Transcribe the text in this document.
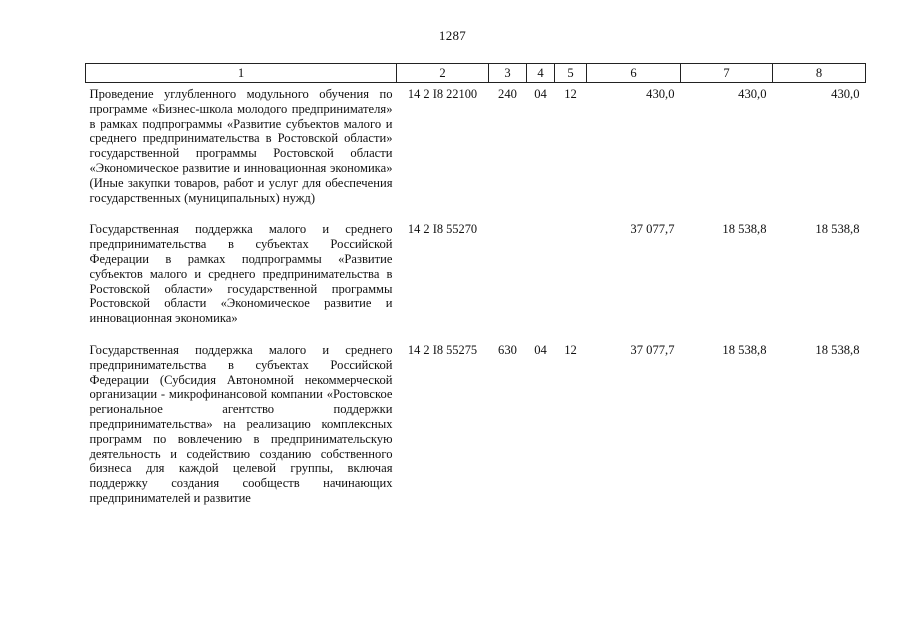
1287
1	2	3	4	5	6	7	8
Проведение углубленного модульного обучения по программе «Бизнес-школа молодого предпринимателя» в рамках подпрограммы «Развитие субъектов малого и среднего предпринимательства в Ростовской области» государственной программы Ростовской области «Экономическое развитие и инновационная экономика» (Иные закупки товаров, работ и услуг для обеспечения государственных (муниципальных) нужд)	14 2 I8 22100	240	04	12	430,0	430,0	430,0
Государственная поддержка малого и среднего предпринимательства в субъектах Российской Федерации в рамках подпрограммы «Развитие субъектов малого и среднего предпринимательства в Ростовской области» государственной программы Ростовской области «Экономическое развитие и инновационная экономика»	14 2 I8 55270				37 077,7	18 538,8	18 538,8
Государственная поддержка малого и среднего предпринимательства в субъектах Российской Федерации (Субсидия Автономной некоммерческой организации - микрофинансовой компании «Ростовское региональное агентство поддержки предпринимательства» на реализацию комплексных программ по вовлечению в предпринимательскую деятельность и содействию созданию собственного бизнеса для каждой целевой группы, включая поддержку создания сообществ начинающих предпринимателей и развитие	14 2 I8 55275	630	04	12	37 077,7	18 538,8	18 538,8
